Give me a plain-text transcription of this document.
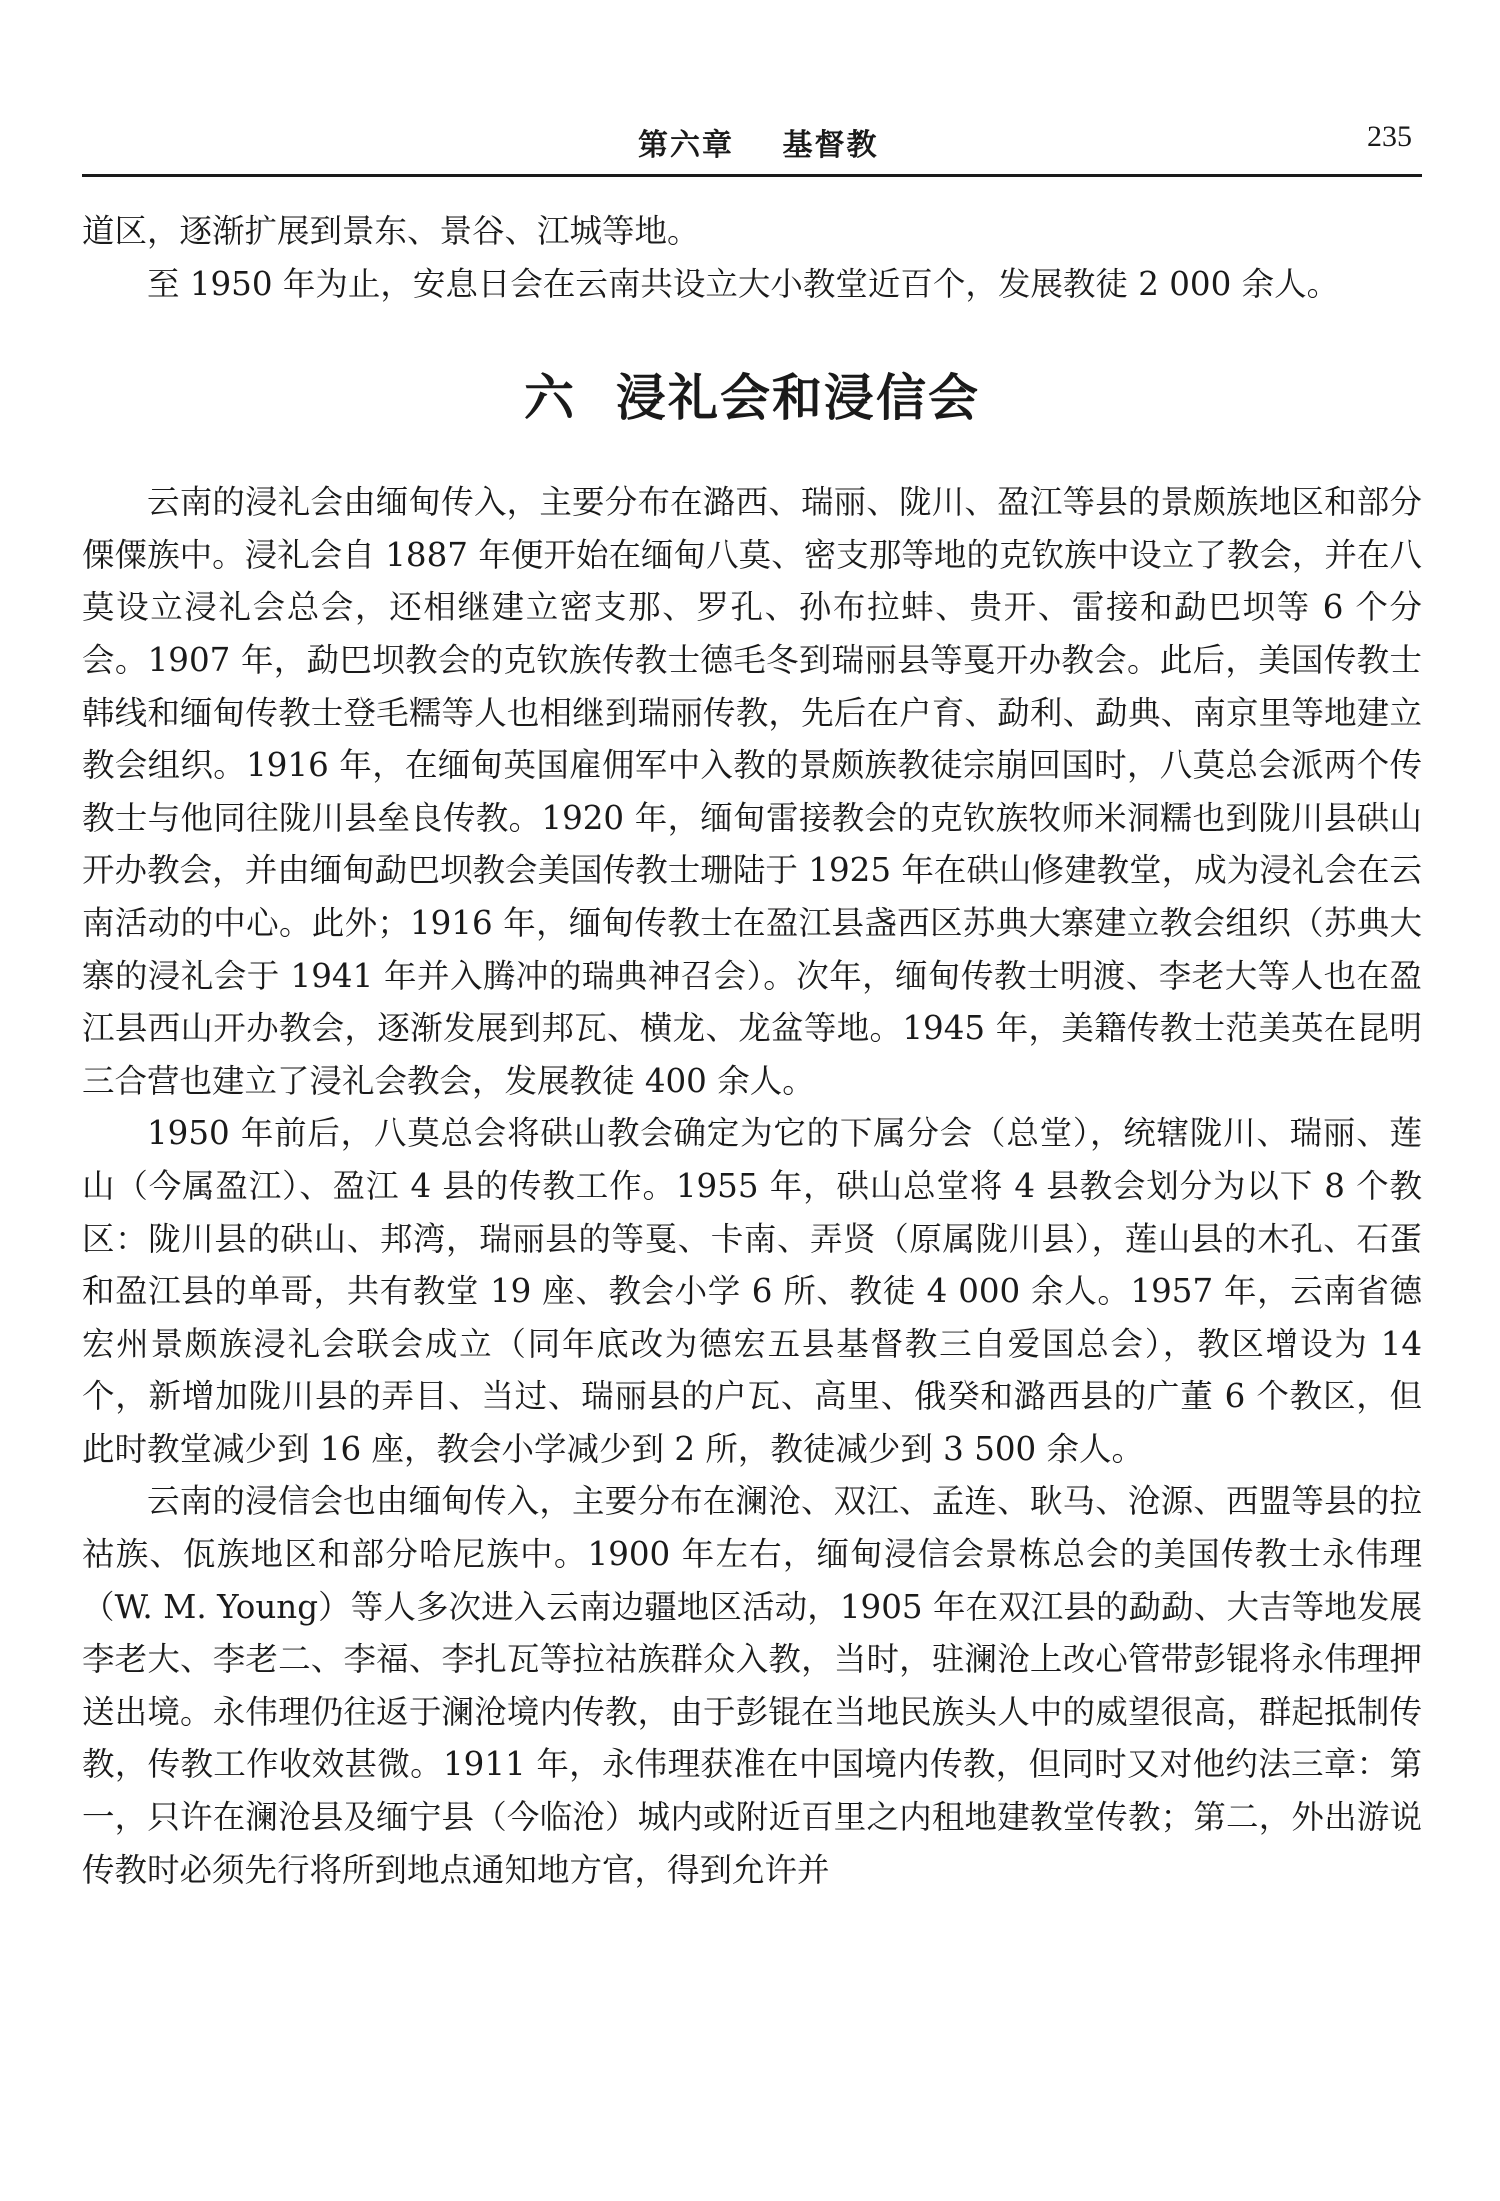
第六章 基督教	235

道区，逐渐扩展到景东、景谷、江城等地。

至 1950 年为止，安息日会在云南共设立大小教堂近百个，发展教徒 2 000 余人。

六 浸礼会和浸信会

云南的浸礼会由缅甸传入，主要分布在潞西、瑞丽、陇川、盈江等县的景颇族地区和部分傈僳族中。浸礼会自 1887 年便开始在缅甸八莫、密支那等地的克钦族中设立了教会，并在八莫设立浸礼会总会，还相继建立密支那、罗孔、孙布拉蚌、贵开、雷接和勐巴坝等 6 个分会。1907 年，勐巴坝教会的克钦族传教士德毛冬到瑞丽县等戛开办教会。此后，美国传教士韩线和缅甸传教士登毛糯等人也相继到瑞丽传教，先后在户育、勐利、勐典、南京里等地建立教会组织。1916 年，在缅甸英国雇佣军中入教的景颇族教徒宗崩回国时，八莫总会派两个传教士与他同往陇川县垒良传教。1920 年，缅甸雷接教会的克钦族牧师米洞糯也到陇川县硔山开办教会，并由缅甸勐巴坝教会美国传教士珊陆于 1925 年在硔山修建教堂，成为浸礼会在云南活动的中心。此外；1916 年，缅甸传教士在盈江县盏西区苏典大寨建立教会组织（苏典大寨的浸礼会于 1941 年并入腾冲的瑞典神召会）。次年，缅甸传教士明渡、李老大等人也在盈江县西山开办教会，逐渐发展到邦瓦、横龙、龙盆等地。1945 年，美籍传教士范美英在昆明三合营也建立了浸礼会教会，发展教徒 400 余人。

1950 年前后，八莫总会将硔山教会确定为它的下属分会（总堂），统辖陇川、瑞丽、莲山（今属盈江）、盈江 4 县的传教工作。1955 年，硔山总堂将 4 县教会划分为以下 8 个教区：陇川县的硔山、邦湾，瑞丽县的等戛、卡南、弄贤（原属陇川县），莲山县的木孔、石蛋和盈江县的单哥，共有教堂 19 座、教会小学 6 所、教徒 4 000 余人。1957 年，云南省德宏州景颇族浸礼会联会成立（同年底改为德宏五县基督教三自爱国总会），教区增设为 14 个，新增加陇川县的弄目、当过、瑞丽县的户瓦、高里、俄癸和潞西县的广董 6 个教区，但此时教堂减少到 16 座，教会小学减少到 2 所，教徒减少到 3 500 余人。

云南的浸信会也由缅甸传入，主要分布在澜沧、双江、孟连、耿马、沧源、西盟等县的拉祜族、佤族地区和部分哈尼族中。1900 年左右，缅甸浸信会景栋总会的美国传教士永伟理（W. M. Young）等人多次进入云南边疆地区活动，1905 年在双江县的勐勐、大吉等地发展李老大、李老二、李福、李扎瓦等拉祜族群众入教，当时，驻澜沧上改心管带彭锟将永伟理押送出境。永伟理仍往返于澜沧境内传教，由于彭锟在当地民族头人中的威望很高，群起抵制传教，传教工作收效甚微。1911 年，永伟理获准在中国境内传教，但同时又对他约法三章：第一，只许在澜沧县及缅宁县（今临沧）城内或附近百里之内租地建教堂传教；第二，外出游说传教时必须先行将所到地点通知地方官，得到允许并
